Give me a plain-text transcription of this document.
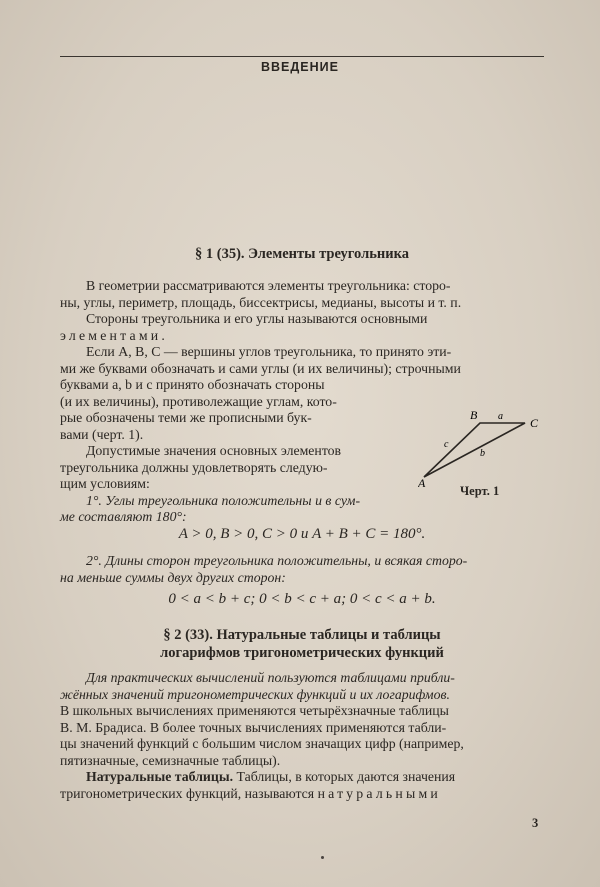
ВВЕДЕНИЕ
§ 1 (35). Элементы треугольника

В геометрии рассматриваются элементы треугольника: сторо-

ны, углы, периметр, площадь, биссектрисы, медианы, высоты и т. п.

Стороны треугольника и его углы называются основными

элементами.

Если A, B, C — вершины углов треугольника, то принято эти-

ми же буквами обозначать и сами углы (и их величины); строчными

буквами a, b и c принято обозначать стороны

(и их величины), противолежащие углам, кото-

рые обозначены теми же прописными бук-

вами (черт. 1).

Допустимые значения основных элементов

треугольника должны удовлетворять следую-

щим условиям:

1°. Углы треугольника положительны и в сум-

ме составляют 180°:

A > 0, B > 0, C > 0 и A + B + C = 180°.

2°. Длины сторон треугольника положительны, и всякая сторо-

на меньше суммы двух других сторон:

0 < a < b + c; 0 < b < c + a; 0 < c < a + b.
A
B
C
a
c
b
Черт. 1
§ 2 (33). Натуральные таблицы и таблицы
логарифмов тригонометрических функций

Для практических вычислений пользуются таблицами прибли-

жённых значений тригонометрических функций и их логарифмов.

В школьных вычислениях применяются четырёхзначные таблицы

В. М. Брадиса. В более точных вычислениях применяются табли-

цы значений функций с большим числом значащих цифр (например,

пятизначные, семизначные таблицы).

Натуральные таблицы. Таблицы, в которых даются значения

тригонометрических функций, называются натуральными

3
